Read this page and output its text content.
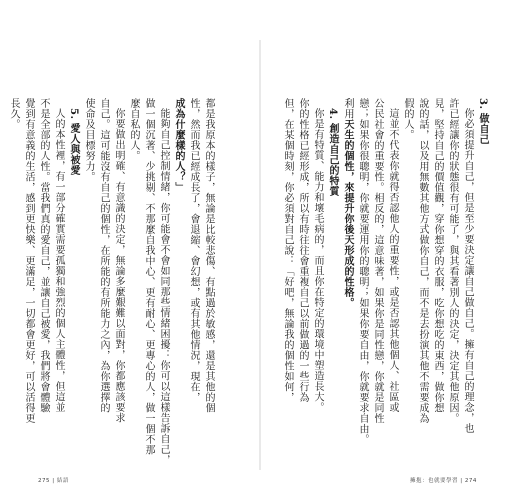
都是我原本的樣子，無論是比較悲傷、有點過於敏感，還是其他的個
性，然而我已經成長了，會退縮、會幻想，或有其他情況，現在，
成為什麼樣的人？」
能夠自己控制情緒，你可能會不會如同那些情緒困擾：你可以這樣告訴自己，
做一個沉著、少挑剔、不那麼自我中心、更有耐心、更專心的人，做一個不那
麼自私的人。
你要做出明確、有意識的決定，無論多麼艱難以面對，你都應該要求
自己。這可能沒有自己的個性，在所能的有所能力之內，為你選擇的
使命及目標努力。
5. 愛人與被愛
人的本性裡，有一部分確實需要孤獨和強烈的個人主體性，但這並
不是全部的人性。當我們真的愛自己，並讓自己被愛，我們將會體驗
覺到有意義的生活，感到更快樂、更滿足，一切都會更好，可以活得更
長久。
275 | 結語
3. 做自己
你必須提升自己，但是至少要決定讓自己做自己。擁有自己的理念，也
許已經讓你的狀態很有可能了，與其看著別人的決定，決定其他原因。
見，堅持自己的價值觀，穿你想穿的衣服，吃你想吃的東西，做你想
說的話，以及用無數其他方式做你自己，而不是去扮演其他不需要成為
假的人。
這並不代表你就得否認他人的重要性，或是否認其他個人、社區或
公民社會的重要性。相反的，這意味著，如果你是同性戀，你就是同性
戀；如果你很聰明，你就要運用你的聰明；如果你要自由，你就要求自由。
利用天生的個性，來提升你後天形成的性格。
4. 創造自己的特質
你是有特質、能力和壞毛病的，而且你在特定的環境中塑造長大。
你的性格已經形成，所以有時往往會重複自己以前做過的一些行為
但，在某個時刻，你必須對自己說：「好吧，無論我的個性如何，
擁抱：也就要學習 | 274
